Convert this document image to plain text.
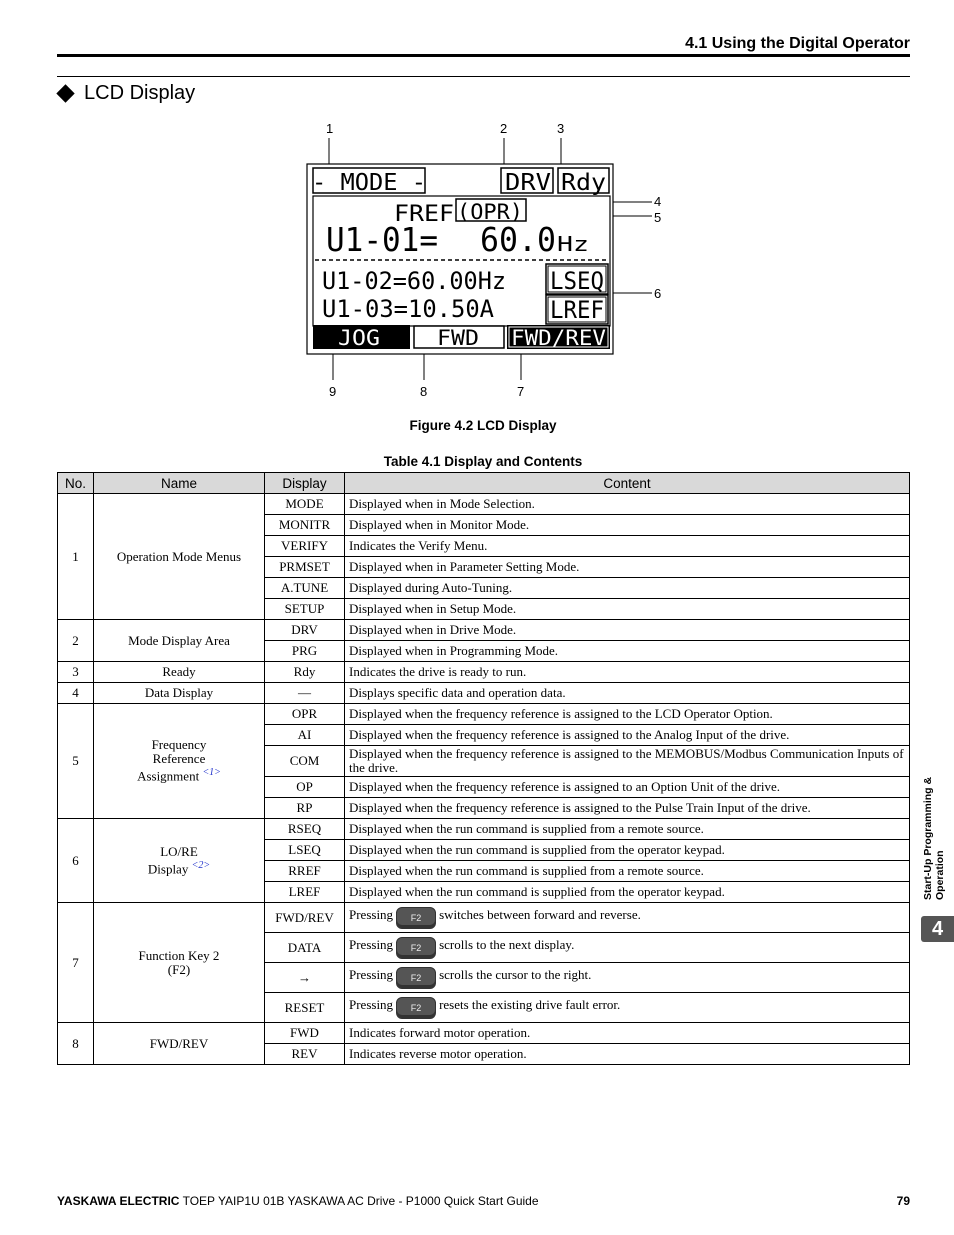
4.1 Using the Digital Operator
LCD Display
1	2	3
4
5
6
7
8
9
- MODE -	DRV Rdy
FREF (OPR)
U1-01= 60.0 Hz
U1-02=60.00Hz
U1-03=10.50A
LSEQ
LREF
JOG	FWD FWD/REV
Figure 4.2 LCD Display
Table 4.1 Display and Contents
No.	Name	Display	Content
1	Operation Mode Menus	MODE	Displayed when in Mode Selection.
		MONITR	Displayed when in Monitor Mode.
		VERIFY	Indicates the Verify Menu.
		PRMSET	Displayed when in Parameter Setting Mode.
		A.TUNE	Displayed during Auto-Tuning.
		SETUP	Displayed when in Setup Mode.
2	Mode Display Area	DRV	Displayed when in Drive Mode.
		PRG	Displayed when in Programming Mode.
3	Ready	Rdy	Indicates the drive is ready to run.
4	Data Display	—	Displays specific data and operation data.
5	Frequency
Reference
Assignment $^{<1>}$	OPR	Displayed when the frequency reference is assigned to the LCD Operator Option.
		AI	Displayed when the frequency reference is assigned to the Analog Input of the drive.
		COM	Displayed when the frequency reference is assigned to the MEMOBUS/Modbus Communication Inputs of the drive.
		OP	Displayed when the frequency reference is assigned to an Option Unit of the drive.
		RP	Displayed when the frequency reference is assigned to the Pulse Train Input of the drive.
6	LO/RE
Display $^{<2>}$	RSEQ	Displayed when the run command is supplied from a remote source.
		LSEQ	Displayed when the run command is supplied from the operator keypad.
		RREF	Displayed when the run command is supplied from a remote source.
		LREF	Displayed when the run command is supplied from the operator keypad.
7	Function Key 2
(F2)	FWD/REV	Pressing F2 switches between forward and reverse.
		DATA	Pressing F2 scrolls to the next display.
		→	Pressing F2 scrolls the cursor to the right.
		RESET	Pressing F2 resets the existing drive fault error.
8	FWD/REV	FWD	Indicates forward motor operation.
		REV	Indicates reverse motor operation.
Start-Up Programming &
Operation
4
YASKAWA ELECTRIC TOEP YAIP1U 01B YASKAWA AC Drive - P1000 Quick Start Guide	79
